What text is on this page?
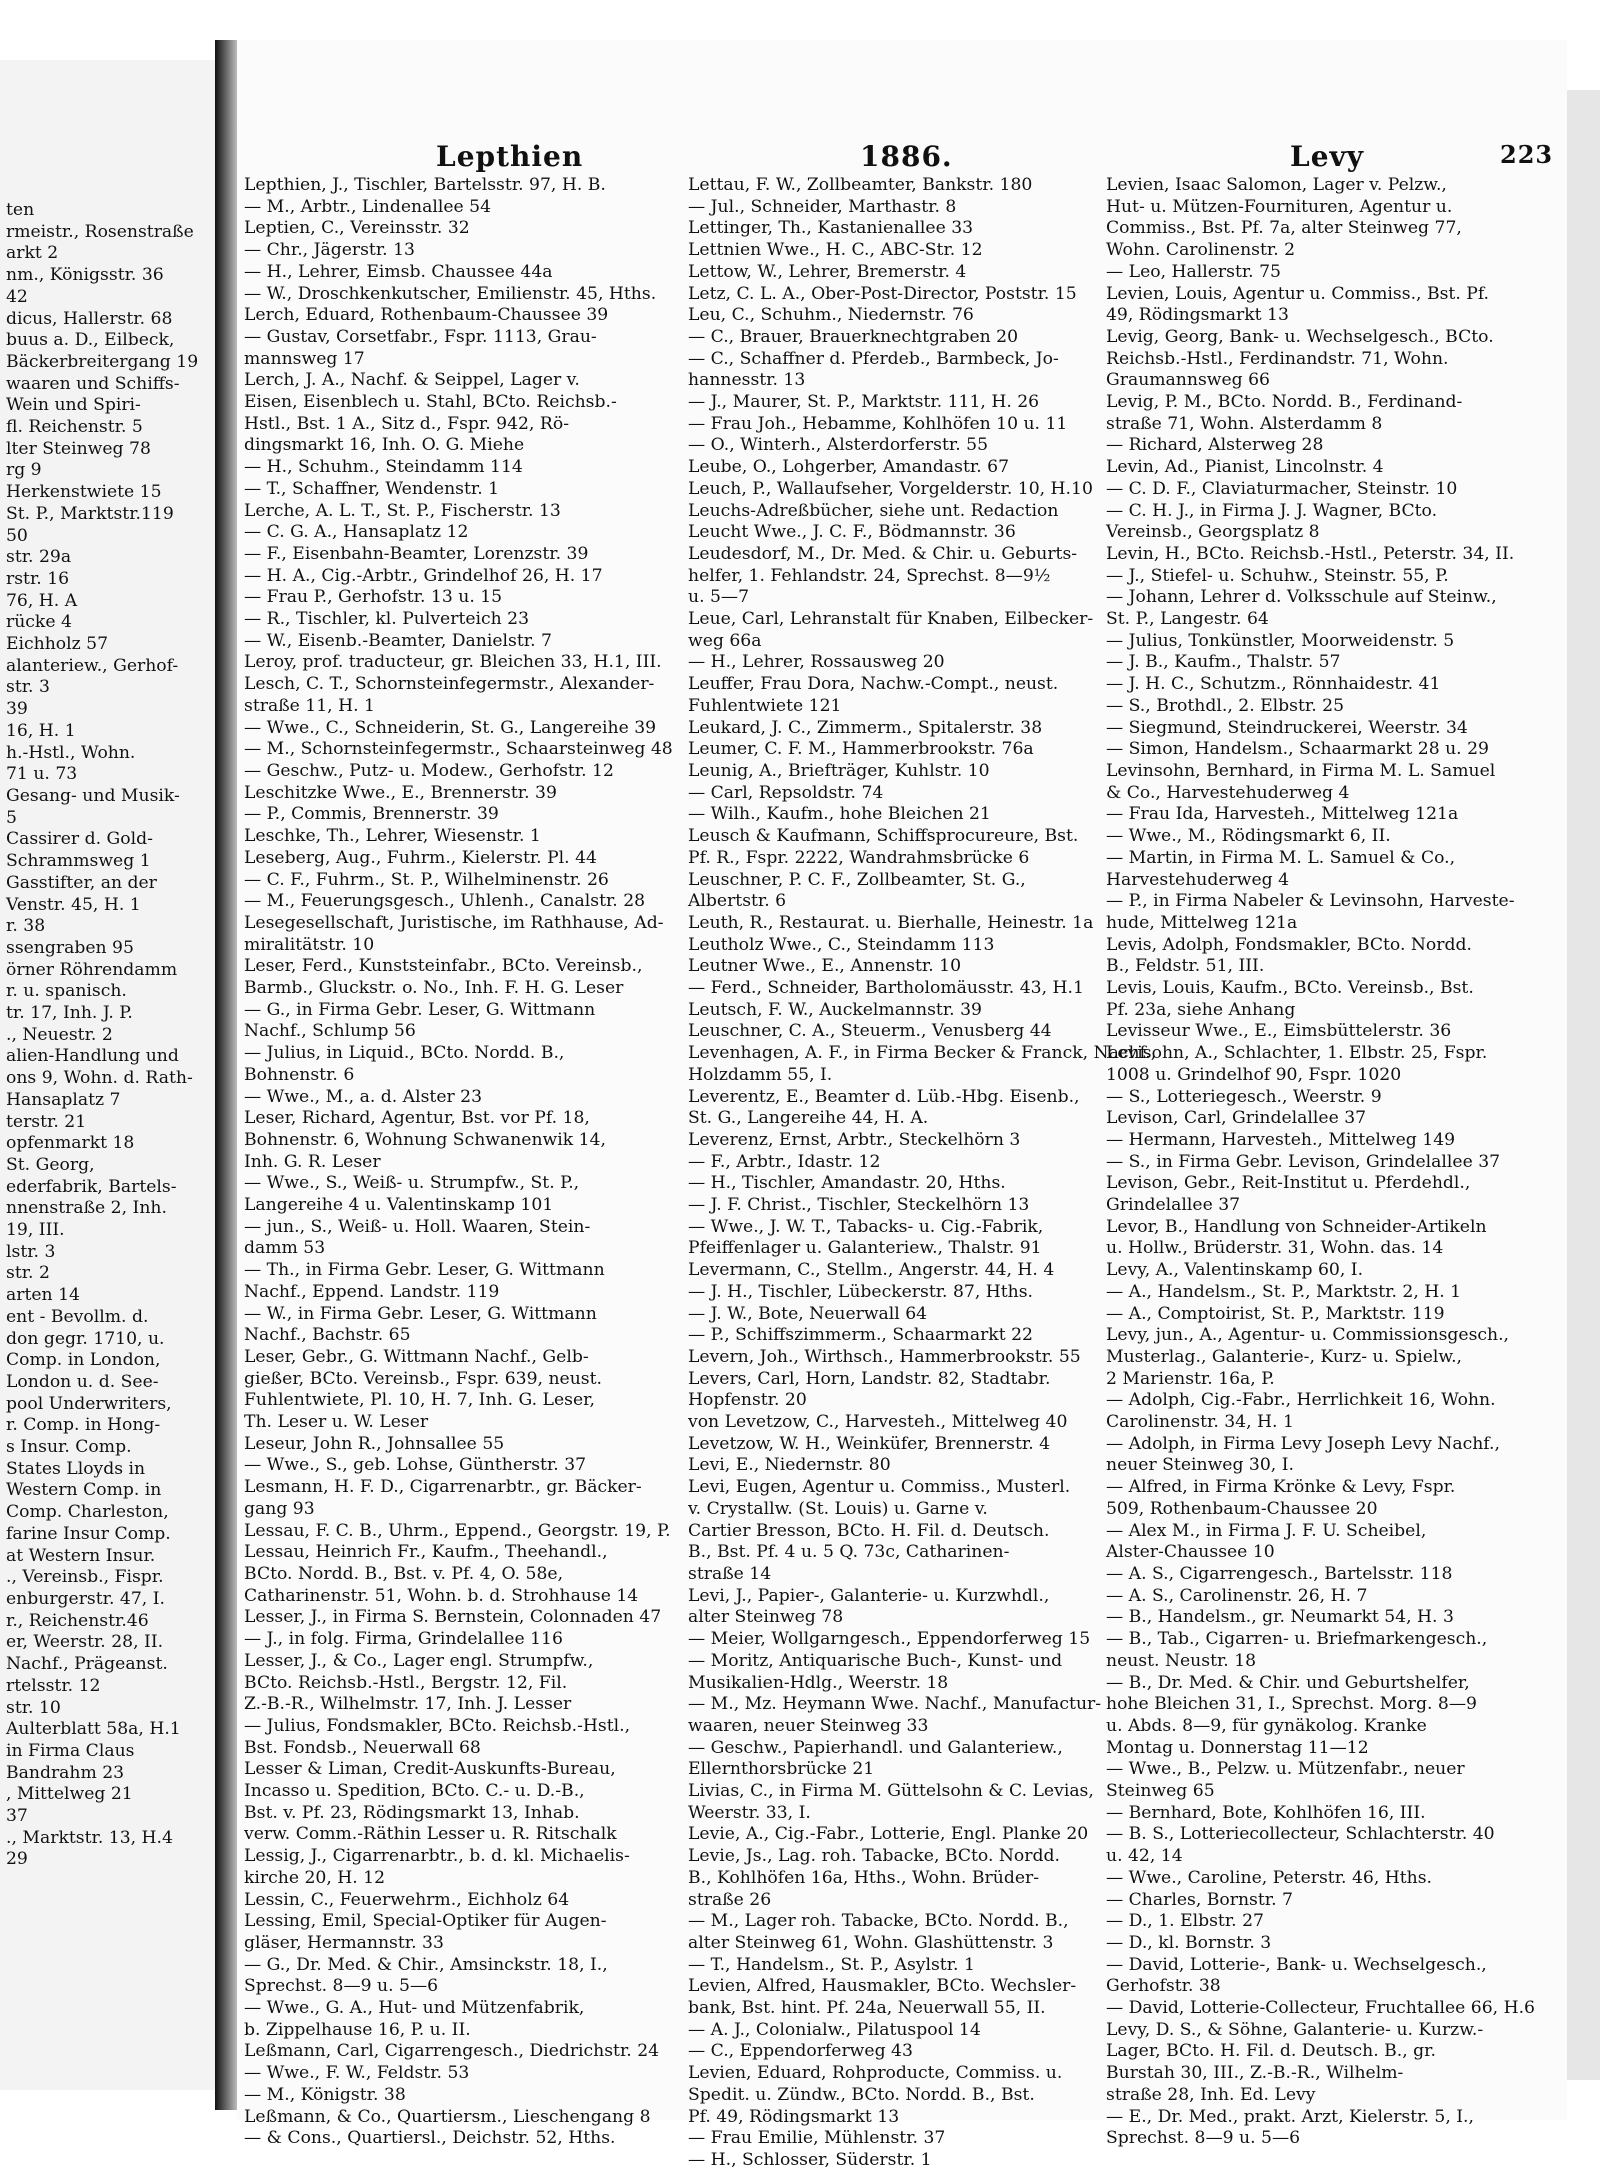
ten
rmeistr., Rosenstraße
arkt 2
nm., Königsstr. 36
42
dicus, Hallerstr. 68
buus a. D., Eilbeck,
Bäckerbreitergang 19
waaren und Schiffs-
Wein und Spiri-
fl. Reichenstr. 5
lter Steinweg 78
rg 9
Herkenstwiete 15
St. P., Marktstr.119
50
str. 29a
rstr. 16
76, H. A
rücke 4
Eichholz 57
alanteriew., Gerhof-
str. 3
39
16, H. 1
h.-Hstl., Wohn.
71 u. 73
Gesang- und Musik-
5
Cassirer d. Gold-
Schrammsweg 1
Gasstifter, an der
Venstr. 45, H. 1
r. 38
ssengraben 95
örner Röhrendamm
r. u. spanisch.
tr. 17, Inh. J. P.
., Neuestr. 2
alien-Handlung und
ons 9, Wohn. d. Rath-
Hansaplatz 7
terstr. 21
opfenmarkt 18
St. Georg,
ederfabrik, Bartels-
nnenstraße 2, Inh.
19, III.
lstr. 3
str. 2
arten 14
ent - Bevollm. d.
don gegr. 1710, u.
Comp. in London,
London u. d. See-
pool Underwriters,
r. Comp. in Hong-
s Insur. Comp.
States Lloyds in
Western Comp. in
Comp. Charleston,
farine Insur Comp.
at Western Insur.
., Vereinsb., Fispr.
enburgerstr. 47, I.
r., Reichenstr.46
er, Weerstr. 28, II.
Nachf., Prägeanst.
rtelsstr. 12
str. 10
Aulterblatt 58a, H.1
in Firma Claus
Bandrahm 23
, Mittelweg 21
37
., Marktstr. 13, H.4
29
Lepthien	1886.	Levy	223
Lepthien, J., Tischler, Bartelsstr. 97, H. B.
— M., Arbtr., Lindenallee 54
Leptien, C., Vereinsstr. 32
— Chr., Jägerstr. 13
— H., Lehrer, Eimsb. Chaussee 44a
— W., Droschkenkutscher, Emilienstr. 45, Hths.
Lerch, Eduard, Rothenbaum-Chaussee 39
— Gustav, Corsetfabr., Fspr. 1113, Grau-
mannsweg 17
Lerch, J. A., Nachf. & Seippel, Lager v.
Eisen, Eisenblech u. Stahl, BCto. Reichsb.-
Hstl., Bst. 1 A., Sitz d., Fspr. 942, Rö-
dingsmarkt 16, Inh. O. G. Miehe
— H., Schuhm., Steindamm 114
— T., Schaffner, Wendenstr. 1
Lerche, A. L. T., St. P., Fischerstr. 13
— C. G. A., Hansaplatz 12
— F., Eisenbahn-Beamter, Lorenzstr. 39
— H. A., Cig.-Arbtr., Grindelhof 26, H. 17
— Frau P., Gerhofstr. 13 u. 15
— R., Tischler, kl. Pulverteich 23
— W., Eisenb.-Beamter, Danielstr. 7
Leroy, prof. traducteur, gr. Bleichen 33, H.1, III.
Lesch, C. T., Schornsteinfegermstr., Alexander-
straße 11, H. 1
— Wwe., C., Schneiderin, St. G., Langereihe 39
— M., Schornsteinfegermstr., Schaarsteinweg 48
— Geschw., Putz- u. Modew., Gerhofstr. 12
Leschitzke Wwe., E., Brennerstr. 39
— P., Commis, Brennerstr. 39
Leschke, Th., Lehrer, Wiesenstr. 1
Leseberg, Aug., Fuhrm., Kielerstr. Pl. 44
— C. F., Fuhrm., St. P., Wilhelminenstr. 26
— M., Feuerungsgesch., Uhlenh., Canalstr. 28
Lesegesellschaft, Juristische, im Rathhause, Ad-
miralitätstr. 10
Leser, Ferd., Kunststeinfabr., BCto. Vereinsb.,
Barmb., Gluckstr. o. No., Inh. F. H. G. Leser
— G., in Firma Gebr. Leser, G. Wittmann
Nachf., Schlump 56
— Julius, in Liquid., BCto. Nordd. B.,
Bohnenstr. 6
— Wwe., M., a. d. Alster 23
Leser, Richard, Agentur, Bst. vor Pf. 18,
Bohnenstr. 6, Wohnung Schwanenwik 14,
Inh. G. R. Leser
— Wwe., S., Weiß- u. Strumpfw., St. P.,
Langereihe 4 u. Valentinskamp 101
— jun., S., Weiß- u. Holl. Waaren, Stein-
damm 53
— Th., in Firma Gebr. Leser, G. Wittmann
Nachf., Eppend. Landstr. 119
— W., in Firma Gebr. Leser, G. Wittmann
Nachf., Bachstr. 65
Leser, Gebr., G. Wittmann Nachf., Gelb-
gießer, BCto. Vereinsb., Fspr. 639, neust.
Fuhlentwiete, Pl. 10, H. 7, Inh. G. Leser,
Th. Leser u. W. Leser
Leseur, John R., Johnsallee 55
— Wwe., S., geb. Lohse, Güntherstr. 37
Lesmann, H. F. D., Cigarrenarbtr., gr. Bäcker-
gang 93
Lessau, F. C. B., Uhrm., Eppend., Georgstr. 19, P.
Lessau, Heinrich Fr., Kaufm., Theehandl.,
BCto. Nordd. B., Bst. v. Pf. 4, O. 58e,
Catharinenstr. 51, Wohn. b. d. Strohhause 14
Lesser, J., in Firma S. Bernstein, Colonnaden 47
— J., in folg. Firma, Grindelallee 116
Lesser, J., & Co., Lager engl. Strumpfw.,
BCto. Reichsb.-Hstl., Bergstr. 12, Fil.
Z.-B.-R., Wilhelmstr. 17, Inh. J. Lesser
— Julius, Fondsmakler, BCto. Reichsb.-Hstl.,
Bst. Fondsb., Neuerwall 68
Lesser & Liman, Credit-Auskunfts-Bureau,
Incasso u. Spedition, BCto. C.- u. D.-B.,
Bst. v. Pf. 23, Rödingsmarkt 13, Inhab.
verw. Comm.-Räthin Lesser u. R. Ritschalk
Lessig, J., Cigarrenarbtr., b. d. kl. Michaelis-
kirche 20, H. 12
Lessin, C., Feuerwehrm., Eichholz 64
Lessing, Emil, Special-Optiker für Augen-
gläser, Hermannstr. 33
— G., Dr. Med. & Chir., Amsinckstr. 18, I.,
Sprechst. 8—9 u. 5—6
— Wwe., G. A., Hut- und Mützenfabrik,
b. Zippelhause 16, P. u. II.
Leßmann, Carl, Cigarrengesch., Diedrichstr. 24
— Wwe., F. W., Feldstr. 53
— M., Königstr. 38
Leßmann, & Co., Quartiersm., Lieschengang 8
— & Cons., Quartiersl., Deichstr. 52, Hths.
Lettau, F. W., Zollbeamter, Bankstr. 180
— Jul., Schneider, Marthastr. 8
Lettinger, Th., Kastanienallee 33
Lettnien Wwe., H. C., ABC-Str. 12
Lettow, W., Lehrer, Bremerstr. 4
Letz, C. L. A., Ober-Post-Director, Poststr. 15
Leu, C., Schuhm., Niedernstr. 76
— C., Brauer, Brauerknechtgraben 20
— C., Schaffner d. Pferdeb., Barmbeck, Jo-
hannesstr. 13
— J., Maurer, St. P., Marktstr. 111, H. 26
— Frau Joh., Hebamme, Kohlhöfen 10 u. 11
— O., Winterh., Alsterdorferstr. 55
Leube, O., Lohgerber, Amandastr. 67
Leuch, P., Wallaufseher, Vorgelderstr. 10, H.10
Leuchs-Adreßbücher, siehe unt. Redaction
Leucht Wwe., J. C. F., Bödmannstr. 36
Leudesdorf, M., Dr. Med. & Chir. u. Geburts-
helfer, 1. Fehlandstr. 24, Sprechst. 8—9½
u. 5—7
Leue, Carl, Lehranstalt für Knaben, Eilbecker-
weg 66a
— H., Lehrer, Rossausweg 20
Leuffer, Frau Dora, Nachw.-Compt., neust.
Fuhlentwiete 121
Leukard, J. C., Zimmerm., Spitalerstr. 38
Leumer, C. F. M., Hammerbrookstr. 76a
Leunig, A., Briefträger, Kuhlstr. 10
— Carl, Repsoldstr. 74
— Wilh., Kaufm., hohe Bleichen 21
Leusch & Kaufmann, Schiffsprocureure, Bst.
Pf. R., Fspr. 2222, Wandrahmsbrücke 6
Leuschner, P. C. F., Zollbeamter, St. G.,
Albertstr. 6
Leuth, R., Restaurat. u. Bierhalle, Heinestr. 1a
Leutholz Wwe., C., Steindamm 113
Leutner Wwe., E., Annenstr. 10
— Ferd., Schneider, Bartholomäusstr. 43, H.1
Leutsch, F. W., Auckelmannstr. 39
Leuschner, C. A., Steuerm., Venusberg 44
Levenhagen, A. F., in Firma Becker & Franck, Nachf.,
Holzdamm 55, I.
Leverentz, E., Beamter d. Lüb.-Hbg. Eisenb.,
St. G., Langereihe 44, H. A.
Leverenz, Ernst, Arbtr., Steckelhörn 3
— F., Arbtr., Idastr. 12
— H., Tischler, Amandastr. 20, Hths.
— J. F. Christ., Tischler, Steckelhörn 13
— Wwe., J. W. T., Tabacks- u. Cig.-Fabrik,
Pfeiffenlager u. Galanteriew., Thalstr. 91
Levermann, C., Stellm., Angerstr. 44, H. 4
— J. H., Tischler, Lübeckerstr. 87, Hths.
— J. W., Bote, Neuerwall 64
— P., Schiffszimmerm., Schaarmarkt 22
Levern, Joh., Wirthsch., Hammerbrookstr. 55
Levers, Carl, Horn, Landstr. 82, Stadtabr.
Hopfenstr. 20
von Levetzow, C., Harvesteh., Mittelweg 40
Levetzow, W. H., Weinküfer, Brennerstr. 4
Levi, E., Niedernstr. 80
Levi, Eugen, Agentur u. Commiss., Musterl.
v. Crystallw. (St. Louis) u. Garne v.
Cartier Bresson, BCto. H. Fil. d. Deutsch.
B., Bst. Pf. 4 u. 5 Q. 73c, Catharinen-
straße 14
Levi, J., Papier-, Galanterie- u. Kurzwhdl.,
alter Steinweg 78
— Meier, Wollgarngesch., Eppendorferweg 15
— Moritz, Antiquarische Buch-, Kunst- und
Musikalien-Hdlg., Weerstr. 18
— M., Mz. Heymann Wwe. Nachf., Manufactur-
waaren, neuer Steinweg 33
— Geschw., Papierhandl. und Galanteriew.,
Ellernthorsbrücke 21
Livias, C., in Firma M. Güttelsohn & C. Levias,
Weerstr. 33, I.
Levie, A., Cig.-Fabr., Lotterie, Engl. Planke 20
Levie, Js., Lag. roh. Tabacke, BCto. Nordd.
B., Kohlhöfen 16a, Hths., Wohn. Brüder-
straße 26
— M., Lager roh. Tabacke, BCto. Nordd. B.,
alter Steinweg 61, Wohn. Glashüttenstr. 3
— T., Handelsm., St. P., Asylstr. 1
Levien, Alfred, Hausmakler, BCto. Wechsler-
bank, Bst. hint. Pf. 24a, Neuerwall 55, II.
— A. J., Colonialw., Pilatuspool 14
— C., Eppendorferweg 43
Levien, Eduard, Rohproducte, Commiss. u.
Spedit. u. Zündw., BCto. Nordd. B., Bst.
Pf. 49, Rödingsmarkt 13
— Frau Emilie, Mühlenstr. 37
— H., Schlosser, Süderstr. 1
Levien, Isaac Salomon, Lager v. Pelzw.,
Hut- u. Mützen-Fournituren, Agentur u.
Commiss., Bst. Pf. 7a, alter Steinweg 77,
Wohn. Carolinenstr. 2
— Leo, Hallerstr. 75
Levien, Louis, Agentur u. Commiss., Bst. Pf.
49, Rödingsmarkt 13
Levig, Georg, Bank- u. Wechselgesch., BCto.
Reichsb.-Hstl., Ferdinandstr. 71, Wohn.
Graumannsweg 66
Levig, P. M., BCto. Nordd. B., Ferdinand-
straße 71, Wohn. Alsterdamm 8
— Richard, Alsterweg 28
Levin, Ad., Pianist, Lincolnstr. 4
— C. D. F., Claviaturmacher, Steinstr. 10
— C. H. J., in Firma J. J. Wagner, BCto.
Vereinsb., Georgsplatz 8
Levin, H., BCto. Reichsb.-Hstl., Peterstr. 34, II.
— J., Stiefel- u. Schuhw., Steinstr. 55, P.
— Johann, Lehrer d. Volksschule auf Steinw.,
St. P., Langestr. 64
— Julius, Tonkünstler, Moorweidenstr. 5
— J. B., Kaufm., Thalstr. 57
— J. H. C., Schutzm., Rönnhaidestr. 41
— S., Brothdl., 2. Elbstr. 25
— Siegmund, Steindruckerei, Weerstr. 34
— Simon, Handelsm., Schaarmarkt 28 u. 29
Levinsohn, Bernhard, in Firma M. L. Samuel
& Co., Harvestehuderweg 4
— Frau Ida, Harvesteh., Mittelweg 121a
— Wwe., M., Rödingsmarkt 6, II.
— Martin, in Firma M. L. Samuel & Co.,
Harvestehuderweg 4
— P., in Firma Nabeler & Levinsohn, Harveste-
hude, Mittelweg 121a
Levis, Adolph, Fondsmakler, BCto. Nordd.
B., Feldstr. 51, III.
Levis, Louis, Kaufm., BCto. Vereinsb., Bst.
Pf. 23a, siehe Anhang
Levisseur Wwe., E., Eimsbüttelerstr. 36
Levisohn, A., Schlachter, 1. Elbstr. 25, Fspr.
1008 u. Grindelhof 90, Fspr. 1020
— S., Lotteriegesch., Weerstr. 9
Levison, Carl, Grindelallee 37
— Hermann, Harvesteh., Mittelweg 149
— S., in Firma Gebr. Levison, Grindelallee 37
Levison, Gebr., Reit-Institut u. Pferdehdl.,
Grindelallee 37
Levor, B., Handlung von Schneider-Artikeln
u. Hollw., Brüderstr. 31, Wohn. das. 14
Levy, A., Valentinskamp 60, I.
— A., Handelsm., St. P., Marktstr. 2, H. 1
— A., Comptoirist, St. P., Marktstr. 119
Levy, jun., A., Agentur- u. Commissionsgesch.,
Musterlag., Galanterie-, Kurz- u. Spielw.,
2 Marienstr. 16a, P.
— Adolph, Cig.-Fabr., Herrlichkeit 16, Wohn.
Carolinenstr. 34, H. 1
— Adolph, in Firma Levy Joseph Levy Nachf.,
neuer Steinweg 30, I.
— Alfred, in Firma Krönke & Levy, Fspr.
509, Rothenbaum-Chaussee 20
— Alex M., in Firma J. F. U. Scheibel,
Alster-Chaussee 10
— A. S., Cigarrengesch., Bartelsstr. 118
— A. S., Carolinenstr. 26, H. 7
— B., Handelsm., gr. Neumarkt 54, H. 3
— B., Tab., Cigarren- u. Briefmarkengesch.,
neust. Neustr. 18
— B., Dr. Med. & Chir. und Geburtshelfer,
hohe Bleichen 31, I., Sprechst. Morg. 8—9
u. Abds. 8—9, für gynäkolog. Kranke
Montag u. Donnerstag 11—12
— Wwe., B., Pelzw. u. Mützenfabr., neuer
Steinweg 65
— Bernhard, Bote, Kohlhöfen 16, III.
— B. S., Lotteriecollecteur, Schlachterstr. 40
u. 42, 14
— Wwe., Caroline, Peterstr. 46, Hths.
— Charles, Bornstr. 7
— D., 1. Elbstr. 27
— D., kl. Bornstr. 3
— David, Lotterie-, Bank- u. Wechselgesch.,
Gerhofstr. 38
— David, Lotterie-Collecteur, Fruchtallee 66, H.6
Levy, D. S., & Söhne, Galanterie- u. Kurzw.-
Lager, BCto. H. Fil. d. Deutsch. B., gr.
Burstah 30, III., Z.-B.-R., Wilhelm-
straße 28, Inh. Ed. Levy
— E., Dr. Med., prakt. Arzt, Kielerstr. 5, I.,
Sprechst. 8—9 u. 5—6
